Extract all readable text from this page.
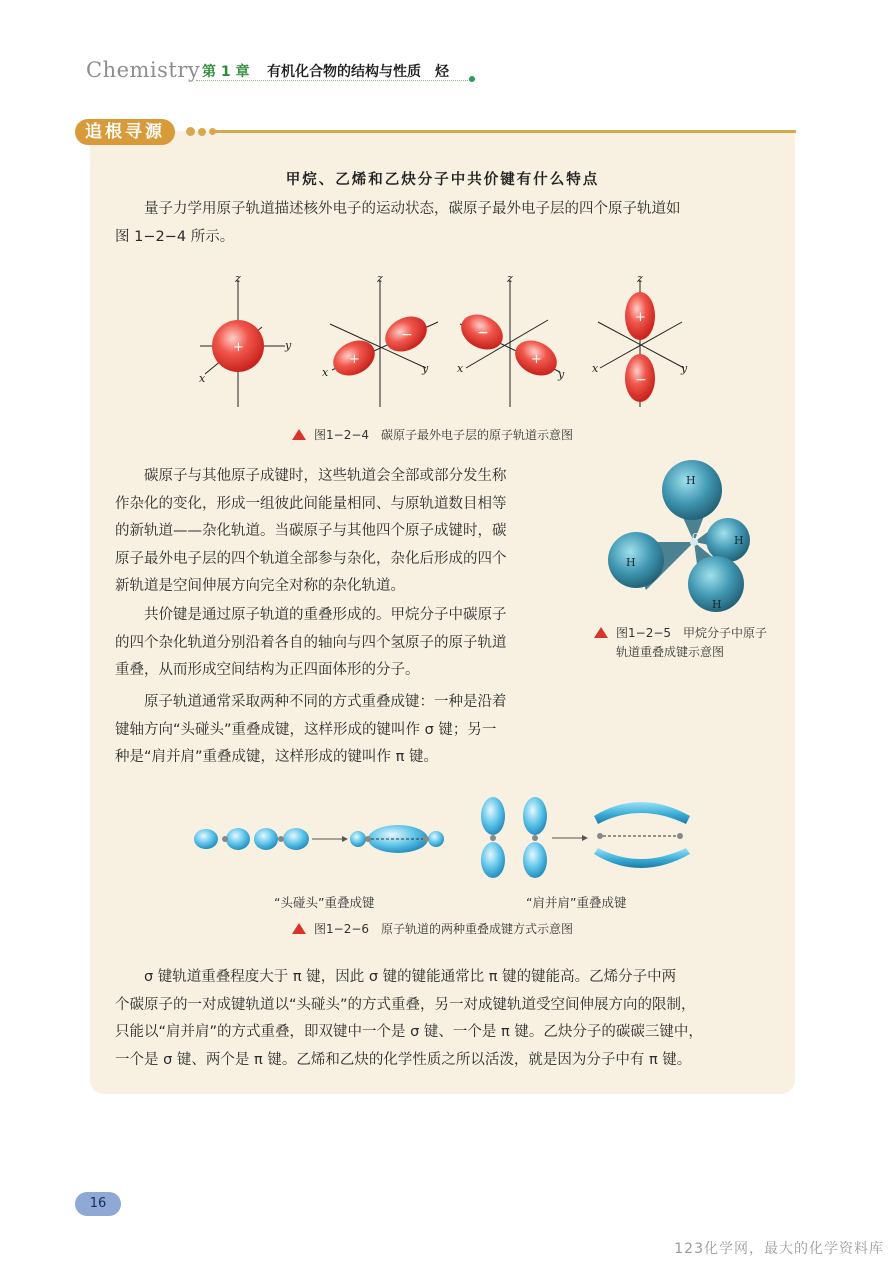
Chemistry 第 1 章 有机化合物的结构与性质　烃
追根寻源
甲烷、乙烯和乙炔分子中共价键有什么特点
量子力学用原子轨道描述核外电子的运动状态，碳原子最外电子层的四个原子轨道如
图 1−2−4 所示。
+
z
y
x
+
−
z
y
x
−
+
z
y
x
+
−
z
y
x
图1−2−4　碳原子最外电子层的原子轨道示意图
碳原子与其他原子成键时，这些轨道会全部或部分发生称
作杂化的变化，形成一组彼此间能量相同、与原轨道数目相等
的新轨道——杂化轨道。当碳原子与其他四个原子成键时，碳
原子最外电子层的四个轨道全部参与杂化，杂化后形成的四个
新轨道是空间伸展方向完全对称的杂化轨道。
共价键是通过原子轨道的重叠形成的。甲烷分子中碳原子
的四个杂化轨道分别沿着各自的轴向与四个氢原子的原子轨道
重叠，从而形成空间结构为正四面体形的分子。
原子轨道通常采取两种不同的方式重叠成键：一种是沿着
键轴方向“头碰头”重叠成键，这样形成的键叫作 σ 键；另一
种是“肩并肩”重叠成键，这样形成的键叫作 π 键。
H
H
H
H
C
图1−2−5　甲烷分子中原子
轨道重叠成键示意图
“头碰头”重叠成键	“肩并肩”重叠成键
图1−2−6　原子轨道的两种重叠成键方式示意图
σ 键轨道重叠程度大于 π 键，因此 σ 键的键能通常比 π 键的键能高。乙烯分子中两
个碳原子的一对成键轨道以“头碰头”的方式重叠，另一对成键轨道受空间伸展方向的限制，
只能以“肩并肩”的方式重叠，即双键中一个是 σ 键、一个是 π 键。乙炔分子的碳碳三键中，
一个是 σ 键、两个是 π 键。乙烯和乙炔的化学性质之所以活泼，就是因为分子中有 π 键。
16
123化学网，最大的化学资料库
